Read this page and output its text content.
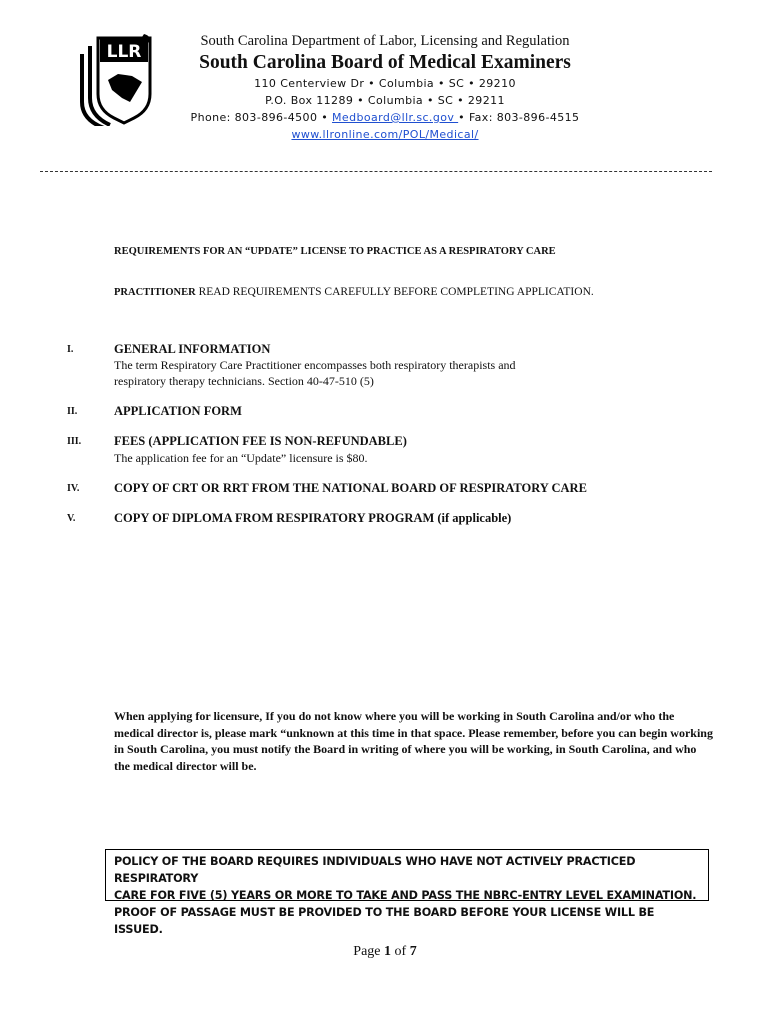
LLR
South Carolina Department of Labor, Licensing and Regulation
South Carolina Board of Medical Examiners
110 Centerview Dr • Columbia • SC • 29210
P.O. Box 11289 • Columbia • SC • 29211
Phone: 803-896-4500 • Medboard@llr.sc.gov • Fax: 803-896-4515
www.llronline.com/POL/Medical/
REQUIREMENTS FOR AN “UPDATE” LICENSE TO PRACTICE AS A RESPIRATORY CARE
PRACTITIONER READ REQUIREMENTS CAREFULLY BEFORE COMPLETING APPLICATION.
I.	GENERAL INFORMATION
The term Respiratory Care Practitioner encompasses both respiratory therapists and
respiratory therapy technicians. Section 40-47-510 (5)
II.	APPLICATION FORM
III.	FEES (APPLICATION FEE IS NON-REFUNDABLE)
The application fee for an “Update” licensure is $80.
IV.	COPY OF CRT OR RRT FROM THE NATIONAL BOARD OF RESPIRATORY CARE
V.	COPY OF DIPLOMA FROM RESPIRATORY PROGRAM (if applicable)
When applying for licensure, If you do not know where you will be working in South Carolina and/or who the medical director is, please mark “unknown at this time in that space. Please remember, before you can begin working in South Carolina, you must notify the Board in writing of where you will be working, in South Carolina, and who the medical director will be.
POLICY OF THE BOARD REQUIRES INDIVIDUALS WHO HAVE NOT ACTIVELY PRACTICED RESPIRATORY
CARE FOR FIVE (5) YEARS OR MORE TO TAKE AND PASS THE NBRC-ENTRY LEVEL EXAMINATION.
PROOF OF PASSAGE MUST BE PROVIDED TO THE BOARD BEFORE YOUR LICENSE WILL BE ISSUED.
Page 1 of 7
